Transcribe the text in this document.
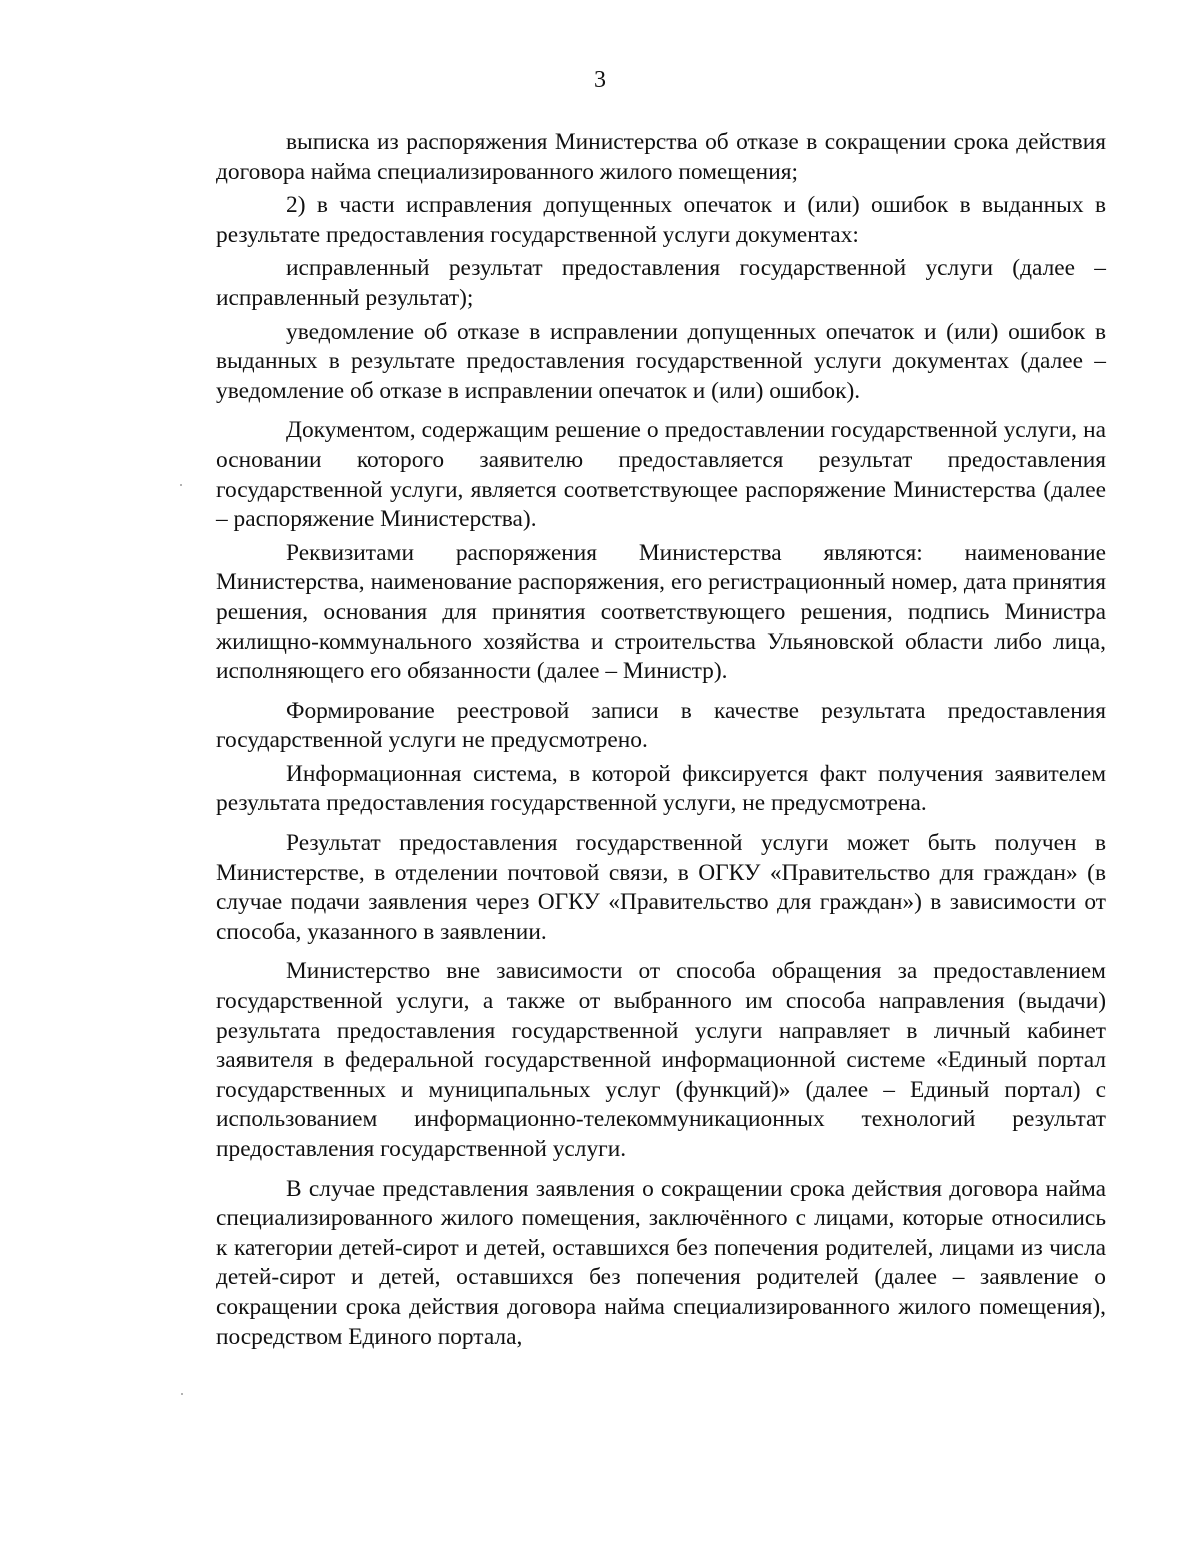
3

выписка из распоряжения Министерства об отказе в сокращении срока действия договора найма специализированного жилого помещения;

2) в части исправления допущенных опечаток и (или) ошибок в выданных в результате предоставления государственной услуги документах:

исправленный результат предоставления государственной услуги (далее – исправленный результат);

уведомление об отказе в исправлении допущенных опечаток и (или) ошибок в выданных в результате предоставления государственной услуги документах (далее – уведомление об отказе в исправлении опечаток и (или) ошибок).

Документом, содержащим решение о предоставлении государственной услуги, на основании которого заявителю предоставляется результат предоставления государственной услуги, является соответствующее распоряжение Министерства (далее – распоряжение Министерства).

Реквизитами распоряжения Министерства являются: наименование Министерства, наименование распоряжения, его регистрационный номер, дата принятия решения, основания для принятия соответствующего решения, подпись Министра жилищно-коммунального хозяйства и строительства Ульяновской области либо лица, исполняющего его обязанности (далее – Министр).

Формирование реестровой записи в качестве результата предоставления государственной услуги не предусмотрено.

Информационная система, в которой фиксируется факт получения заявителем результата предоставления государственной услуги, не предусмотрена.

Результат предоставления государственной услуги может быть получен в Министерстве, в отделении почтовой связи, в ОГКУ «Правительство для граждан» (в случае подачи заявления через ОГКУ «Правительство для граждан») в зависимости от способа, указанного в заявлении.

Министерство вне зависимости от способа обращения за предоставлением государственной услуги, а также от выбранного им способа направления (выдачи) результата предоставления государственной услуги направляет в личный кабинет заявителя в федеральной государственной информационной системе «Единый портал государственных и муниципальных услуг (функций)» (далее – Единый портал) с использованием информационно-телекоммуникационных технологий результат предоставления государственной услуги.

В случае представления заявления о сокращении срока действия договора найма специализированного жилого помещения, заключённого с лицами, которые относились к категории детей-сирот и детей, оставшихся без попечения родителей, лицами из числа детей-сирот и детей, оставшихся без попечения родителей (далее – заявление о сокращении срока действия договора найма специализированного жилого помещения), посредством Единого портала,
